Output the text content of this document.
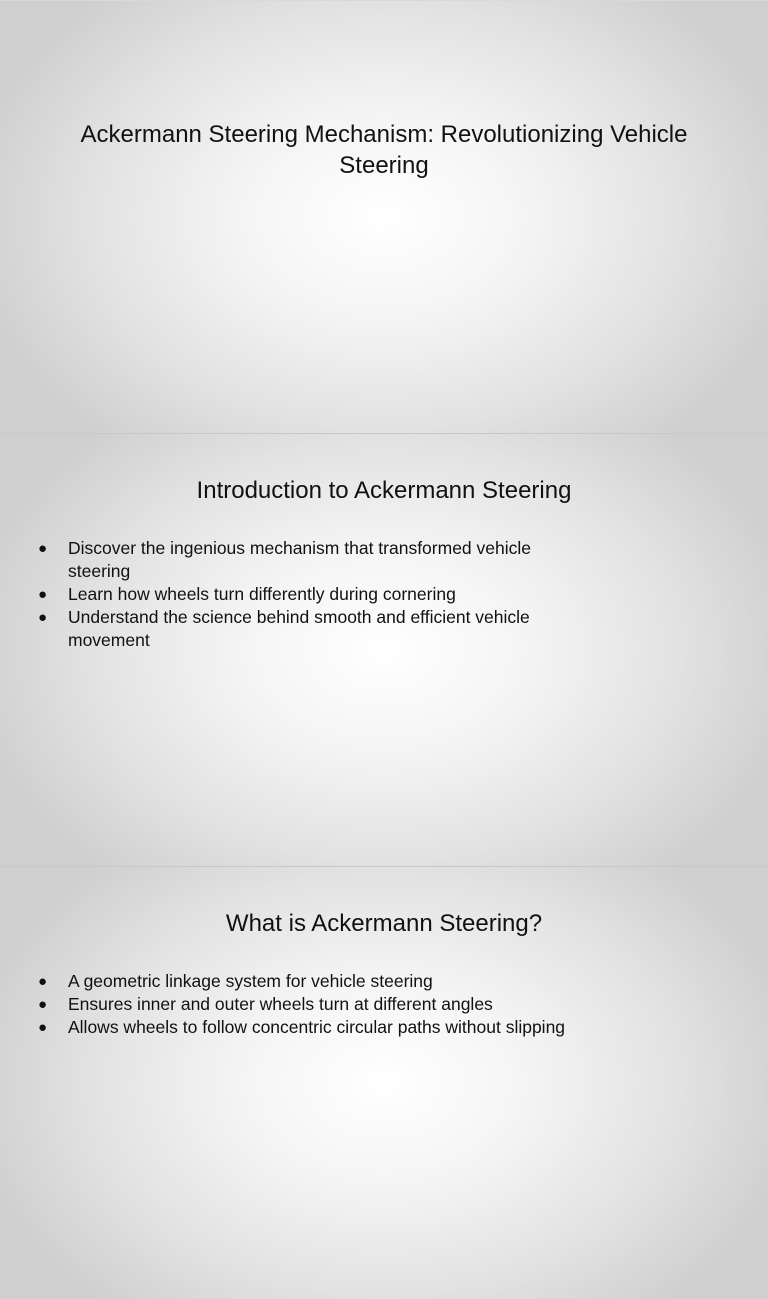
Ackermann Steering Mechanism: Revolutionizing Vehicle Steering
Introduction to Ackermann Steering
●	Discover the ingenious mechanism that transformed vehicle steering
●	Learn how wheels turn differently during cornering
●	Understand the science behind smooth and efficient vehicle movement
What is Ackermann Steering?
●	A geometric linkage system for vehicle steering
●	Ensures inner and outer wheels turn at different angles
●	Allows wheels to follow concentric circular paths without slipping
